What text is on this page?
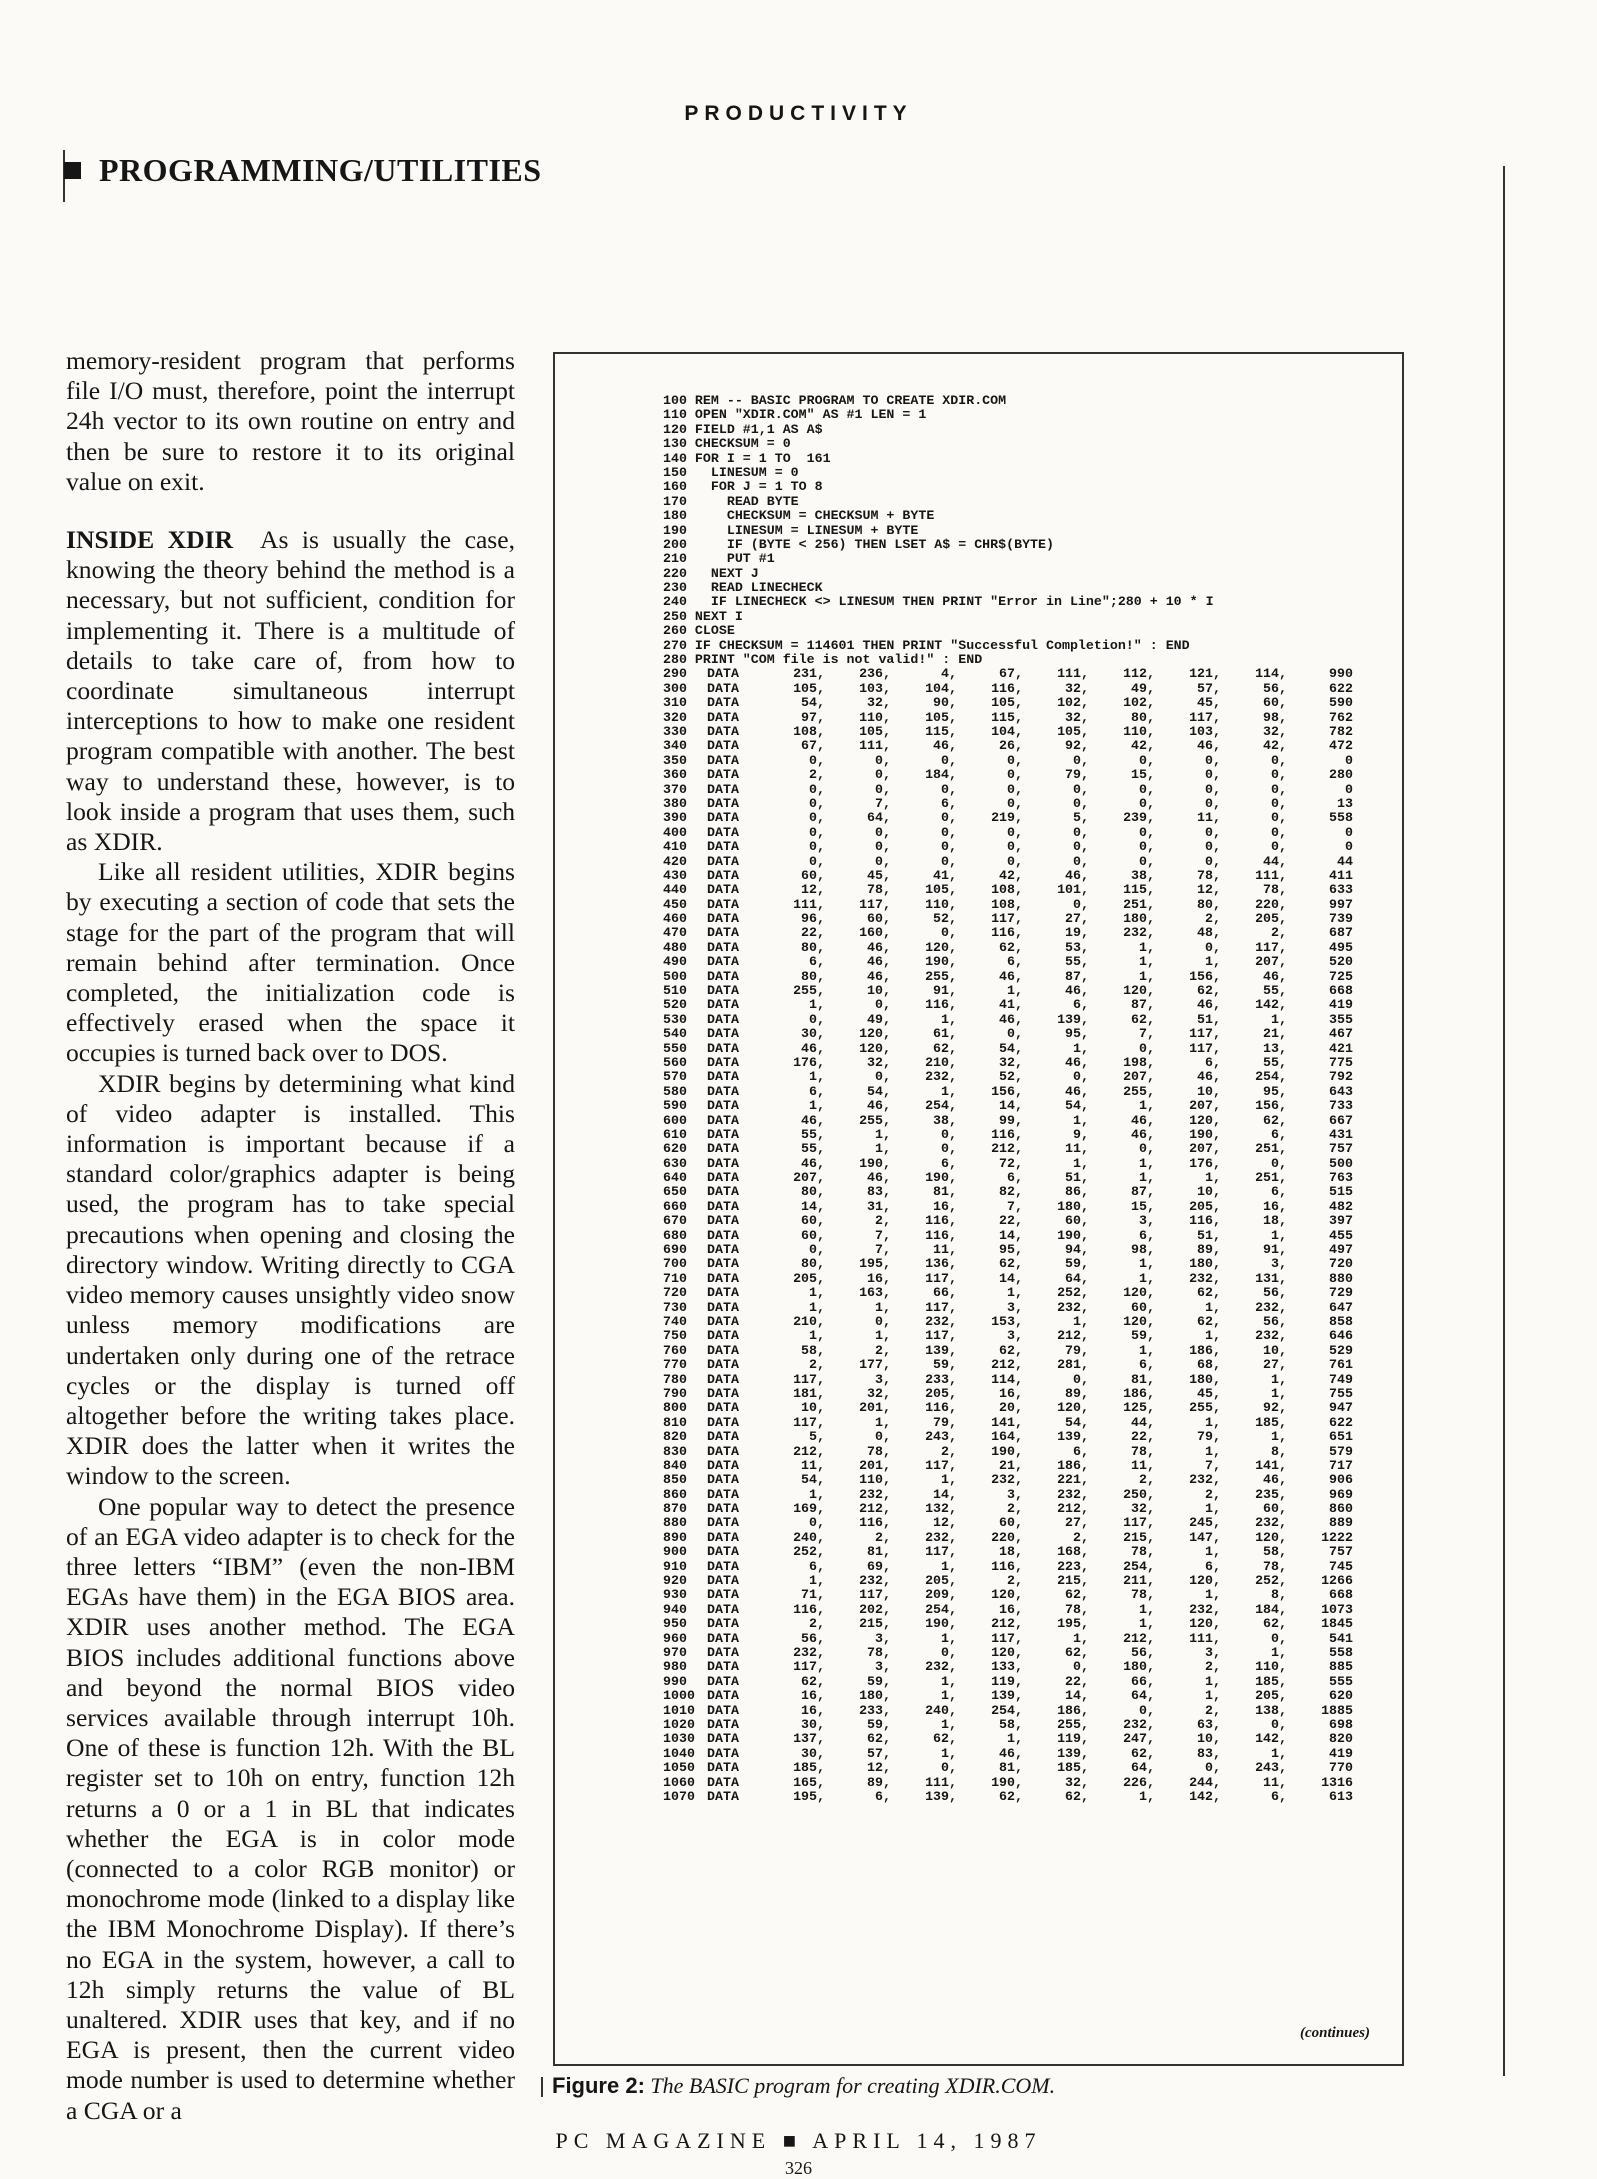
PRODUCTIVITY
PROGRAMMING/UTILITIES

memory-resident program that performs file I/O must, therefore, point the interrupt 24h vector to its own routine on entry and then be sure to restore it to its original value on exit.

INSIDE XDIR As is usually the case, knowing the theory behind the method is a necessary, but not sufficient, condition for implementing it. There is a multitude of details to take care of, from how to coordinate simultaneous interrupt interceptions to how to make one resident program compatible with another. The best way to understand these, however, is to look inside a program that uses them, such as XDIR.

Like all resident utilities, XDIR begins by executing a section of code that sets the stage for the part of the program that will remain behind after termination. Once completed, the initialization code is effectively erased when the space it occupies is turned back over to DOS.

XDIR begins by determining what kind of video adapter is installed. This information is important because if a standard color/graphics adapter is being used, the program has to take special precautions when opening and closing the directory window. Writing directly to CGA video memory causes unsightly video snow unless memory modifications are undertaken only during one of the retrace cycles or the display is turned off altogether before the writing takes place. XDIR does the latter when it writes the window to the screen.

One popular way to detect the presence of an EGA video adapter is to check for the three letters “IBM” (even the non-IBM EGAs have them) in the EGA BIOS area. XDIR uses another method. The EGA BIOS includes additional functions above and beyond the normal BIOS video services available through interrupt 10h. One of these is function 12h. With the BL register set to 10h on entry, function 12h returns a 0 or a 1 in BL that indicates whether the EGA is in color mode (connected to a color RGB monitor) or monochrome mode (linked to a display like the IBM Monochrome Display). If there’s no EGA in the system, however, a call to 12h simply returns the value of BL unaltered. XDIR uses that key, and if no EGA is present, then the current video mode number is used to determine whether a CGA or a

100 REM -- BASIC PROGRAM TO CREATE XDIR.COM
110 OPEN "XDIR.COM" AS #1 LEN = 1
120 FIELD #1,1 AS A$
130 CHECKSUM = 0
140 FOR I = 1 TO  161
150   LINESUM = 0
160   FOR J = 1 TO 8
170     READ BYTE
180     CHECKSUM = CHECKSUM + BYTE
190     LINESUM = LINESUM + BYTE
200     IF (BYTE < 256) THEN LSET A$ = CHR$(BYTE)
210     PUT #1
220   NEXT J
230   READ LINECHECK
240   IF LINECHECK <> LINESUM THEN PRINT "Error in Line";280 + 10 * I
250 NEXT I
260 CLOSE
270 IF CHECKSUM = 114601 THEN PRINT "Successful Completion!" : END
280 PRINT "COM file is not valid!" : END
290 DATA	231,	236,	4,	67,	111,	112,	121,	114,	990
300 DATA	105,	103,	104,	116,	32,	49,	57,	56,	622
310 DATA	54,	32,	90,	105,	102,	102,	45,	60,	590
320 DATA	97,	110,	105,	115,	32,	80,	117,	98,	762
330 DATA	108,	105,	115,	104,	105,	110,	103,	32,	782
340 DATA	67,	111,	46,	26,	92,	42,	46,	42,	472
350 DATA	0,	0,	0,	0,	0,	0,	0,	0,	0
360 DATA	2,	0,	184,	0,	79,	15,	0,	0,	280
370 DATA	0,	0,	0,	0,	0,	0,	0,	0,	0
380 DATA	0,	7,	6,	0,	0,	0,	0,	0,	13
390 DATA	0,	64,	0,	219,	5,	239,	11,	0,	558
400 DATA	0,	0,	0,	0,	0,	0,	0,	0,	0
410 DATA	0,	0,	0,	0,	0,	0,	0,	0,	0
420 DATA	0,	0,	0,	0,	0,	0,	0,	44,	44
430 DATA	60,	45,	41,	42,	46,	38,	78,	111,	411
440 DATA	12,	78,	105,	108,	101,	115,	12,	78,	633
450 DATA	111,	117,	110,	108,	0,	251,	80,	220,	997
460 DATA	96,	60,	52,	117,	27,	180,	2,	205,	739
470 DATA	22,	160,	0,	116,	19,	232,	48,	2,	687
480 DATA	80,	46,	120,	62,	53,	1,	0,	117,	495
490 DATA	6,	46,	190,	6,	55,	1,	1,	207,	520
500 DATA	80,	46,	255,	46,	87,	1,	156,	46,	725
510 DATA	255,	10,	91,	1,	46,	120,	62,	55,	668
520 DATA	1,	0,	116,	41,	6,	87,	46,	142,	419
530 DATA	0,	49,	1,	46,	139,	62,	51,	1,	355
540 DATA	30,	120,	61,	0,	95,	7,	117,	21,	467
550 DATA	46,	120,	62,	54,	1,	0,	117,	13,	421
560 DATA	176,	32,	210,	32,	46,	198,	6,	55,	775
570 DATA	1,	0,	232,	52,	0,	207,	46,	254,	792
580 DATA	6,	54,	1,	156,	46,	255,	10,	95,	643
590 DATA	1,	46,	254,	14,	54,	1,	207,	156,	733
600 DATA	46,	255,	38,	99,	1,	46,	120,	62,	667
610 DATA	55,	1,	0,	116,	9,	46,	190,	6,	431
620 DATA	55,	1,	0,	212,	11,	0,	207,	251,	757
630 DATA	46,	190,	6,	72,	1,	1,	176,	0,	500
640 DATA	207,	46,	190,	6,	51,	1,	1,	251,	763
650 DATA	80,	83,	81,	82,	86,	87,	10,	6,	515
660 DATA	14,	31,	16,	7,	180,	15,	205,	16,	482
670 DATA	60,	2,	116,	22,	60,	3,	116,	18,	397
680 DATA	60,	7,	116,	14,	190,	6,	51,	1,	455
690 DATA	0,	7,	11,	95,	94,	98,	89,	91,	497
700 DATA	80,	195,	136,	62,	59,	1,	180,	3,	720
710 DATA	205,	16,	117,	14,	64,	1,	232,	131,	880
720 DATA	1,	163,	66,	1,	252,	120,	62,	56,	729
730 DATA	1,	1,	117,	3,	232,	60,	1,	232,	647
740 DATA	210,	0,	232,	153,	1,	120,	62,	56,	858
750 DATA	1,	1,	117,	3,	212,	59,	1,	232,	646
760 DATA	58,	2,	139,	62,	79,	1,	186,	10,	529
770 DATA	2,	177,	59,	212,	281,	6,	68,	27,	761
780 DATA	117,	3,	233,	114,	0,	81,	180,	1,	749
790 DATA	181,	32,	205,	16,	89,	186,	45,	1,	755
800 DATA	10,	201,	116,	20,	120,	125,	255,	92,	947
810 DATA	117,	1,	79,	141,	54,	44,	1,	185,	622
820 DATA	5,	0,	243,	164,	139,	22,	79,	1,	651
830 DATA	212,	78,	2,	190,	6,	78,	1,	8,	579
840 DATA	11,	201,	117,	21,	186,	11,	7,	141,	717
850 DATA	54,	110,	1,	232,	221,	2,	232,	46,	906
860 DATA	1,	232,	14,	3,	232,	250,	2,	235,	969
870 DATA	169,	212,	132,	2,	212,	32,	1,	60,	860
880 DATA	0,	116,	12,	60,	27,	117,	245,	232,	889
890 DATA	240,	2,	232,	220,	2,	215,	147,	120,	1222
900 DATA	252,	81,	117,	18,	168,	78,	1,	58,	757
910 DATA	6,	69,	1,	116,	223,	254,	6,	78,	745
920 DATA	1,	232,	205,	2,	215,	211,	120,	252,	1266
930 DATA	71,	117,	209,	120,	62,	78,	1,	8,	668
940 DATA	116,	202,	254,	16,	78,	1,	232,	184,	1073
950 DATA	2,	215,	190,	212,	195,	1,	120,	62,	1845
960 DATA	56,	3,	1,	117,	1,	212,	111,	0,	541
970 DATA	232,	78,	0,	120,	62,	56,	3,	1,	558
980 DATA	117,	3,	232,	133,	0,	180,	2,	110,	885
990 DATA	62,	59,	1,	119,	22,	66,	1,	185,	555
1000 DATA	16,	180,	1,	139,	14,	64,	1,	205,	620
1010 DATA	16,	233,	240,	254,	186,	0,	2,	138,	1885
1020 DATA	30,	59,	1,	58,	255,	232,	63,	0,	698
1030 DATA	137,	62,	62,	1,	119,	247,	10,	142,	820
1040 DATA	30,	57,	1,	46,	139,	62,	83,	1,	419
1050 DATA	185,	12,	0,	81,	185,	64,	0,	243,	770
1060 DATA	165,	89,	111,	190,	32,	226,	244,	11,	1316
1070 DATA	195,	6,	139,	62,	62,	1,	142,	6,	613
(continues)
Figure 2: The BASIC program for creating XDIR.COM.
PC MAGAZINE ■ APRIL 14, 1987
326
